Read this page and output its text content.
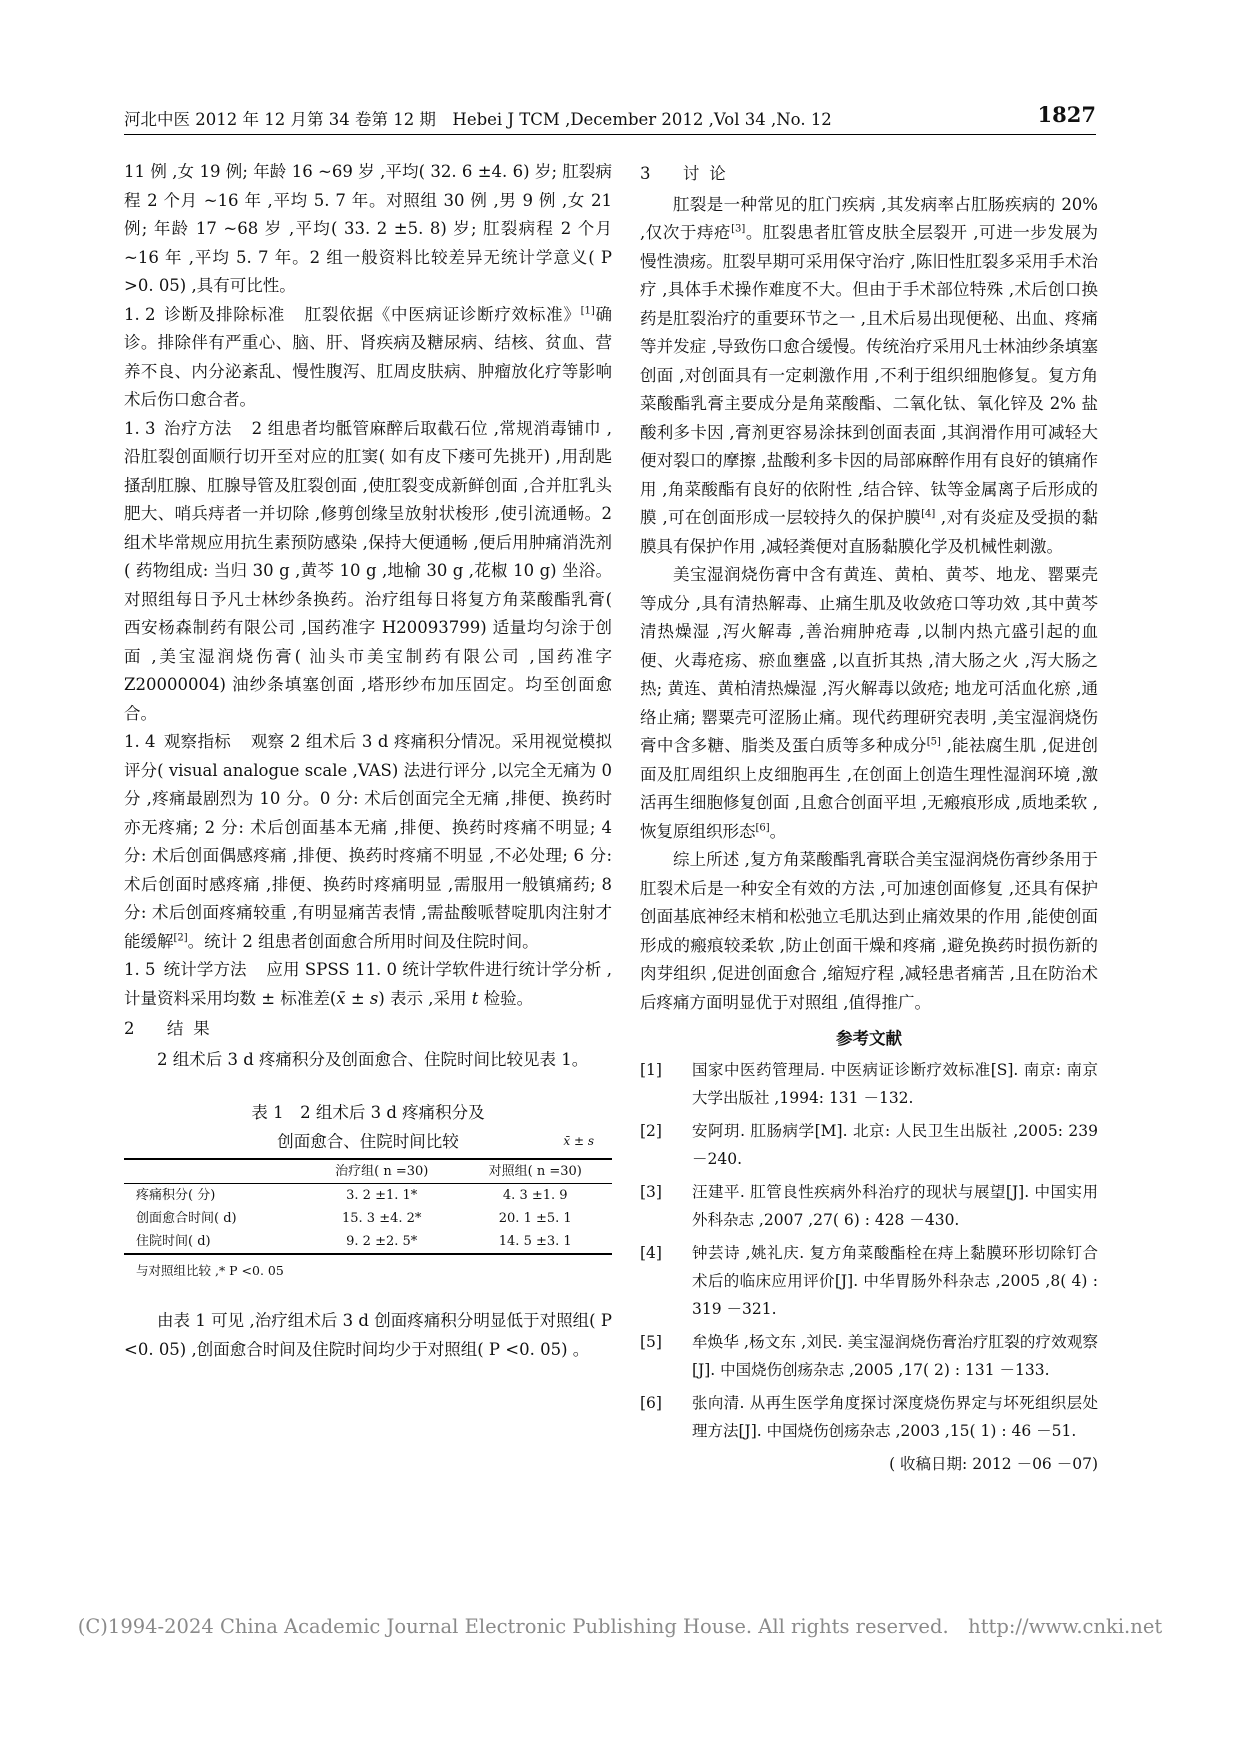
河北中医 2012 年 12 月第 34 卷第 12 期　Hebei J TCM ,December 2012 ,Vol 34 ,No. 12	1827

11 例 ,女 19 例; 年龄 16 ~69 岁 ,平均( 32. 6 ±4. 6) 岁; 肛裂病程 2 个月 ~16 年 ,平均 5. 7 年。对照组 30 例 ,男 9 例 ,女 21 例; 年龄 17 ~68 岁 ,平均( 33. 2 ±5. 8) 岁; 肛裂病程 2 个月 ~16 年 ,平均 5. 7 年。2 组一般资料比较差异无统计学意义( P >0. 05) ,具有可比性。

1. 2 诊断及排除标准 肛裂依据《中医病证诊断疗效标准》[1]确诊。排除伴有严重心、脑、肝、肾疾病及糖尿病、结核、贫血、营养不良、内分泌紊乱、慢性腹泻、肛周皮肤病、肿瘤放化疗等影响术后伤口愈合者。

1. 3 治疗方法 2 组患者均骶管麻醉后取截石位 ,常规消毒铺巾 ,沿肛裂创面顺行切开至对应的肛窦( 如有皮下瘘可先挑开) ,用刮匙搔刮肛腺、肛腺导管及肛裂创面 ,使肛裂变成新鲜创面 ,合并肛乳头肥大、哨兵痔者一并切除 ,修剪创缘呈放射状梭形 ,使引流通畅。2 组术毕常规应用抗生素预防感染 ,保持大便通畅 ,便后用肿痛消洗剂( 药物组成: 当归 30 g ,黄芩 10 g ,地榆 30 g ,花椒 10 g) 坐浴。对照组每日予凡士林纱条换药。治疗组每日将复方角菜酸酯乳膏( 西安杨森制药有限公司 ,国药准字 H20093799) 适量均匀涂于创面 ,美宝湿润烧伤膏( 汕头市美宝制药有限公司 ,国药准字 Z20000004) 油纱条填塞创面 ,塔形纱布加压固定。均至创面愈合。

1. 4 观察指标 观察 2 组术后 3 d 疼痛积分情况。采用视觉模拟评分( visual analogue scale ,VAS) 法进行评分 ,以完全无痛为 0 分 ,疼痛最剧烈为 10 分。0 分: 术后创面完全无痛 ,排便、换药时亦无疼痛; 2 分: 术后创面基本无痛 ,排便、换药时疼痛不明显; 4 分: 术后创面偶感疼痛 ,排便、换药时疼痛不明显 ,不必处理; 6 分: 术后创面时感疼痛 ,排便、换药时疼痛明显 ,需服用一般镇痛药; 8 分: 术后创面疼痛较重 ,有明显痛苦表情 ,需盐酸哌替啶肌肉注射才能缓解[2]。统计 2 组患者创面愈合所用时间及住院时间。

1. 5 统计学方法 应用 SPSS 11. 0 统计学软件进行统计学分析 ,计量资料采用均数 ± 标准差(x̄ ± s) 表示 ,采用 t 检验。

2 结果

2 组术后 3 d 疼痛积分及创面愈合、住院时间比较见表 1。

表 1　2 组术后 3 d 疼痛积分及
创面愈合、住院时间比较	x̄ ± s
	治疗组( n =30)	对照组( n =30)
疼痛积分( 分)	3. 2 ±1. 1*	4. 3 ±1. 9
创面愈合时间( d)	15. 3 ±4. 2*	20. 1 ±5. 1
住院时间( d)	9. 2 ±2. 5*	14. 5 ±3. 1
与对照组比较 ,* P <0. 05

由表 1 可见 ,治疗组术后 3 d 创面疼痛积分明显低于对照组( P <0. 05) ,创面愈合时间及住院时间均少于对照组( P <0. 05) 。

3 讨论

肛裂是一种常见的肛门疾病 ,其发病率占肛肠疾病的 20% ,仅次于痔疮[3]。肛裂患者肛管皮肤全层裂开 ,可进一步发展为慢性溃疡。肛裂早期可采用保守治疗 ,陈旧性肛裂多采用手术治疗 ,具体手术操作难度不大。但由于手术部位特殊 ,术后创口换药是肛裂治疗的重要环节之一 ,且术后易出现便秘、出血、疼痛等并发症 ,导致伤口愈合缓慢。传统治疗采用凡士林油纱条填塞创面 ,对创面具有一定刺激作用 ,不利于组织细胞修复。复方角菜酸酯乳膏主要成分是角菜酸酯、二氧化钛、氧化锌及 2% 盐酸利多卡因 ,膏剂更容易涂抹到创面表面 ,其润滑作用可减轻大便对裂口的摩擦 ,盐酸利多卡因的局部麻醉作用有良好的镇痛作用 ,角菜酸酯有良好的依附性 ,结合锌、钛等金属离子后形成的膜 ,可在创面形成一层较持久的保护膜[4] ,对有炎症及受损的黏膜具有保护作用 ,减轻粪便对直肠黏膜化学及机械性刺激。

美宝湿润烧伤膏中含有黄连、黄柏、黄芩、地龙、罂粟壳等成分 ,具有清热解毒、止痛生肌及收敛疮口等功效 ,其中黄芩清热燥湿 ,泻火解毒 ,善治痈肿疮毒 ,以制内热亢盛引起的血便、火毒疮疡、瘀血壅盛 ,以直折其热 ,清大肠之火 ,泻大肠之热; 黄连、黄柏清热燥湿 ,泻火解毒以敛疮; 地龙可活血化瘀 ,通络止痛; 罂粟壳可涩肠止痛。现代药理研究表明 ,美宝湿润烧伤膏中含多糖、脂类及蛋白质等多种成分[5] ,能祛腐生肌 ,促进创面及肛周组织上皮细胞再生 ,在创面上创造生理性湿润环境 ,激活再生细胞修复创面 ,且愈合创面平坦 ,无瘢痕形成 ,质地柔软 ,恢复原组织形态[6]。

综上所述 ,复方角菜酸酯乳膏联合美宝湿润烧伤膏纱条用于肛裂术后是一种安全有效的方法 ,可加速创面修复 ,还具有保护创面基底神经末梢和松弛立毛肌达到止痛效果的作用 ,能使创面形成的瘢痕较柔软 ,防止创面干燥和疼痛 ,避免换药时损伤新的肉芽组织 ,促进创面愈合 ,缩短疗程 ,减轻患者痛苦 ,且在防治术后疼痛方面明显优于对照组 ,值得推广。

参考文献
[1] 国家中医药管理局. 中医病证诊断疗效标准[S]. 南京: 南京大学出版社 ,1994: 131 －132.
[2] 安阿玥. 肛肠病学[M]. 北京: 人民卫生出版社 ,2005: 239 －240.
[3] 汪建平. 肛管良性疾病外科治疗的现状与展望[J]. 中国实用外科杂志 ,2007 ,27( 6) : 428 －430.
[4] 钟芸诗 ,姚礼庆. 复方角菜酸酯栓在痔上黏膜环形切除钉合术后的临床应用评价[J]. 中华胃肠外科杂志 ,2005 ,8( 4) : 319 －321.
[5] 牟焕华 ,杨文东 ,刘民. 美宝湿润烧伤膏治疗肛裂的疗效观察[J]. 中国烧伤创疡杂志 ,2005 ,17( 2) : 131 －133.
[6] 张向清. 从再生医学角度探讨深度烧伤界定与坏死组织层处理方法[J]. 中国烧伤创疡杂志 ,2003 ,15( 1) : 46 －51.
( 收稿日期: 2012 －06 －07)
(C)1994-2024 China Academic Journal Electronic Publishing House. All rights reserved.　http://www.cnki.net
